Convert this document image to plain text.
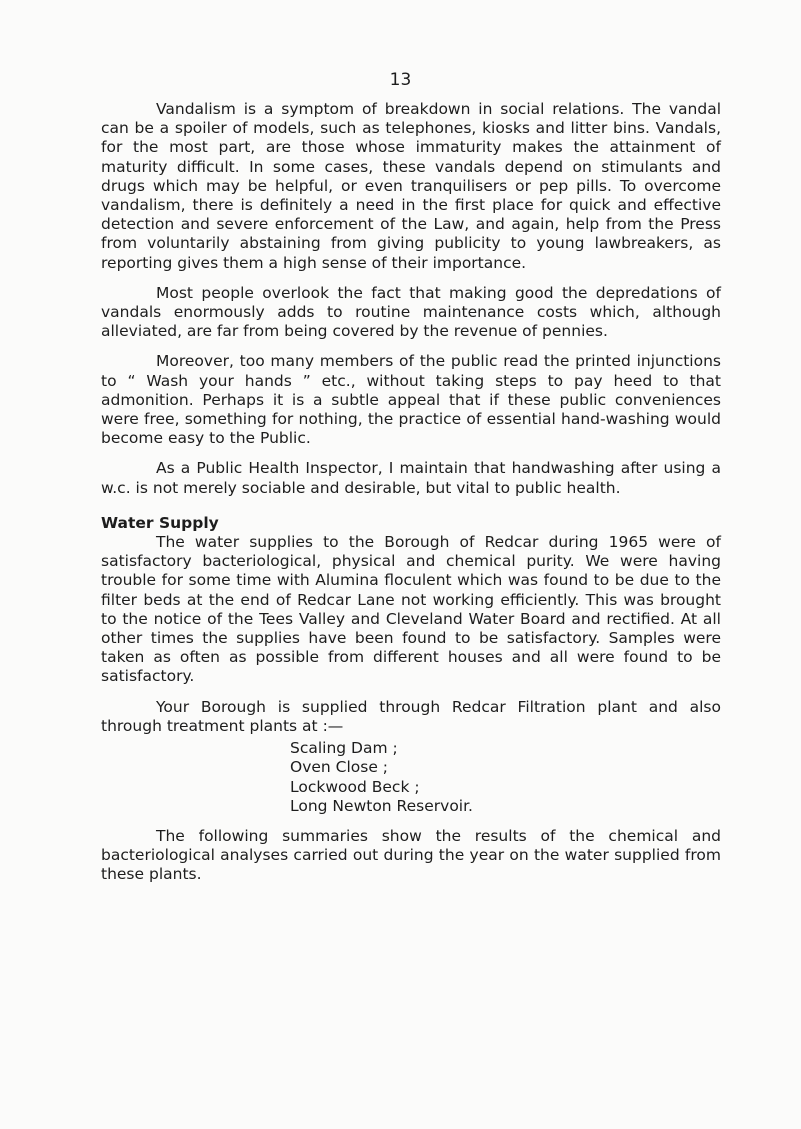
13

Vandalism is a symptom of breakdown in social relations. The vandal can be a spoiler of models, such as telephones, kiosks and litter bins. Vandals, for the most part, are those whose immaturity makes the attainment of maturity difficult. In some cases, these vandals depend on stimulants and drugs which may be helpful, or even tranquilisers or pep pills. To overcome vandalism, there is definitely a need in the first place for quick and effective detection and severe enforcement of the Law, and again, help from the Press from voluntarily abstaining from giving publicity to young lawbreakers, as reporting gives them a high sense of their importance.

Most people overlook the fact that making good the depredations of vandals enormously adds to routine maintenance costs which, although alleviated, are far from being covered by the revenue of pennies.

Moreover, too many members of the public read the printed injunctions to “ Wash your hands ” etc., without taking steps to pay heed to that admonition. Perhaps it is a subtle appeal that if these public conveniences were free, something for nothing, the practice of essential hand-washing would become easy to the Public.

As a Public Health Inspector, I maintain that handwashing after using a w.c. is not merely sociable and desirable, but vital to public health.

Water Supply

The water supplies to the Borough of Redcar during 1965 were of satisfactory bacteriological, physical and chemical purity. We were having trouble for some time with Alumina floculent which was found to be due to the filter beds at the end of Redcar Lane not working efficiently. This was brought to the notice of the Tees Valley and Cleveland Water Board and rectified. At all other times the supplies have been found to be satisfactory. Samples were taken as often as possible from different houses and all were found to be satisfactory.

Your Borough is supplied through Redcar Filtration plant and also through treatment plants at :—

Scaling Dam ;
Oven Close ;
Lockwood Beck ;
Long Newton Reservoir.

The following summaries show the results of the chemical and bacteriological analyses carried out during the year on the water supplied from these plants.
